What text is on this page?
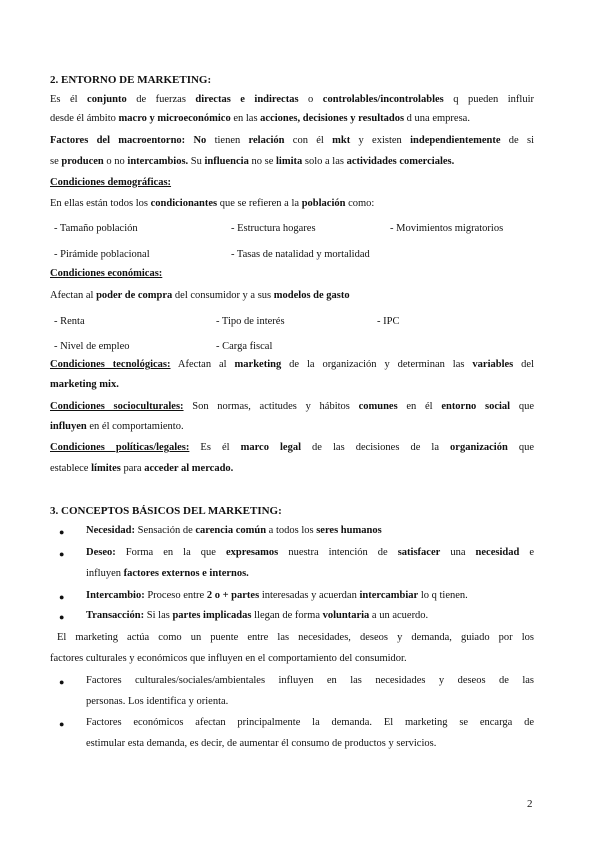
2. ENTORNO DE MARKETING:
Es él conjunto de fuerzas directas e indirectas o controlables/incontrolables q pueden influir
desde él ámbito macro y microeconómico en las acciones, decisiones y resultados d una empresa.
Factores del macroentorno: No tienen relación con él mkt y existen independientemente de si
se producen o no intercambios. Su influencia no se limita solo a las actividades comerciales.
Condiciones demográficas:
En ellas están todos los condicionantes que se refieren a la población como:
- Tamaño población	- Estructura hogares	- Movimientos migratorios
- Pirámide poblacional	- Tasas de natalidad y mortalidad
Condiciones económicas:
Afectan al poder de compra del consumidor y a sus modelos de gasto
- Renta	- Tipo de interés	- IPC
- Nivel de empleo	- Carga fiscal
Condiciones tecnológicas: Afectan al marketing de la organización y determinan las variables del
marketing mix.
Condiciones socioculturales: Son normas, actitudes y hábitos comunes en él entorno social que
influyen en él comportamiento.
Condiciones políticas/legales: Es él marco legal de las decisiones de la organización que
establece límites para acceder al mercado.
3. CONCEPTOS BÁSICOS DEL MARKETING:
● Necesidad: Sensación de carencia común a todos los seres humanos
● Deseo: Forma en la que expresamos nuestra intención de satisfacer una necesidad e
influyen factores externos e internos.
● Intercambio: Proceso entre 2 o + partes interesadas y acuerdan intercambiar lo q tienen.
● Transacción: Si las partes implicadas llegan de forma voluntaria a un acuerdo.
El marketing actúa como un puente entre las necesidades, deseos y demanda, guiado por los
factores culturales y económicos que influyen en el comportamiento del consumidor.
● Factores culturales/sociales/ambientales influyen en las necesidades y deseos de las
personas. Los identifica y orienta.
● Factores económicos afectan principalmente la demanda. El marketing se encarga de
estimular esta demanda, es decir, de aumentar él consumo de productos y servicios.
2
